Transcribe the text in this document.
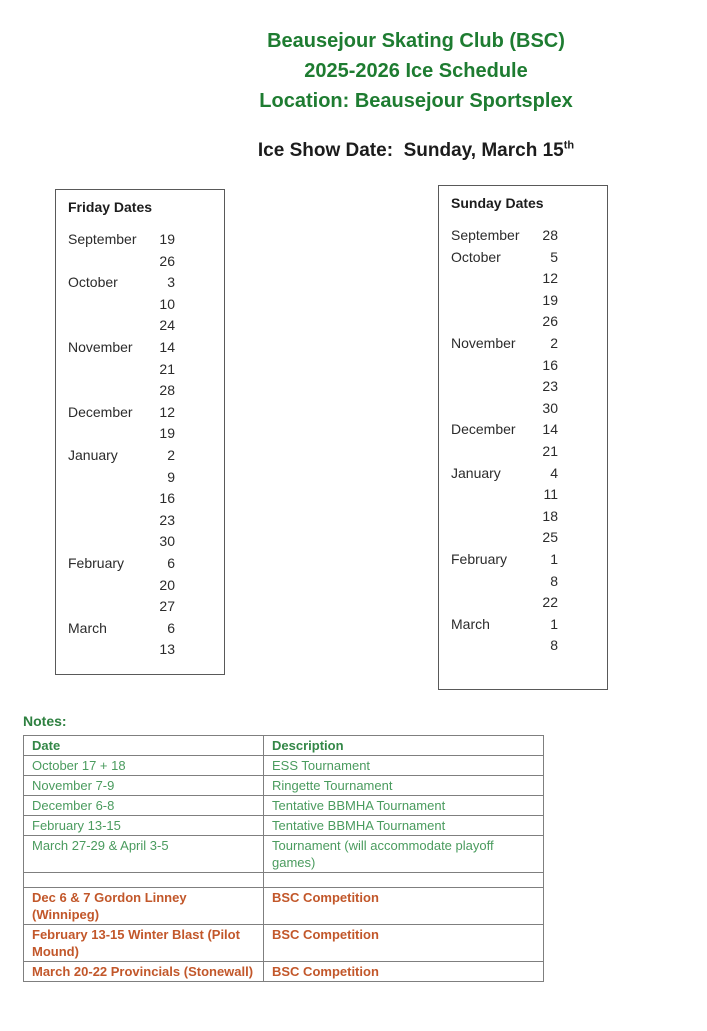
Beausejour Skating Club (BSC)
2025-2026 Ice Schedule
Location: Beausejour Sportsplex
Ice Show Date:  Sunday, March 15th
Friday Dates
September	19
26
October	3
10
24
November	14
21
28
December	12
19
January	2
9
16
23
30
February	6
20
27
March	6
13
Sunday Dates
September	28
October	5
12
19
26
November	2
16
23
30
December	14
21
January	4
11
18
25
February	1
8
22
March	1
8
Notes:
Date	Description
October 17 + 18	ESS Tournament
November 7-9	Ringette Tournament
December 6-8	Tentative BBMHA Tournament
February 13-15	Tentative BBMHA Tournament
March 27-29 & April 3-5	Tournament (will accommodate playoff games)

Dec 6 & 7 Gordon Linney (Winnipeg)	BSC Competition
February 13-15 Winter Blast (Pilot Mound)	BSC Competition
March 20-22 Provincials (Stonewall)	BSC Competition
